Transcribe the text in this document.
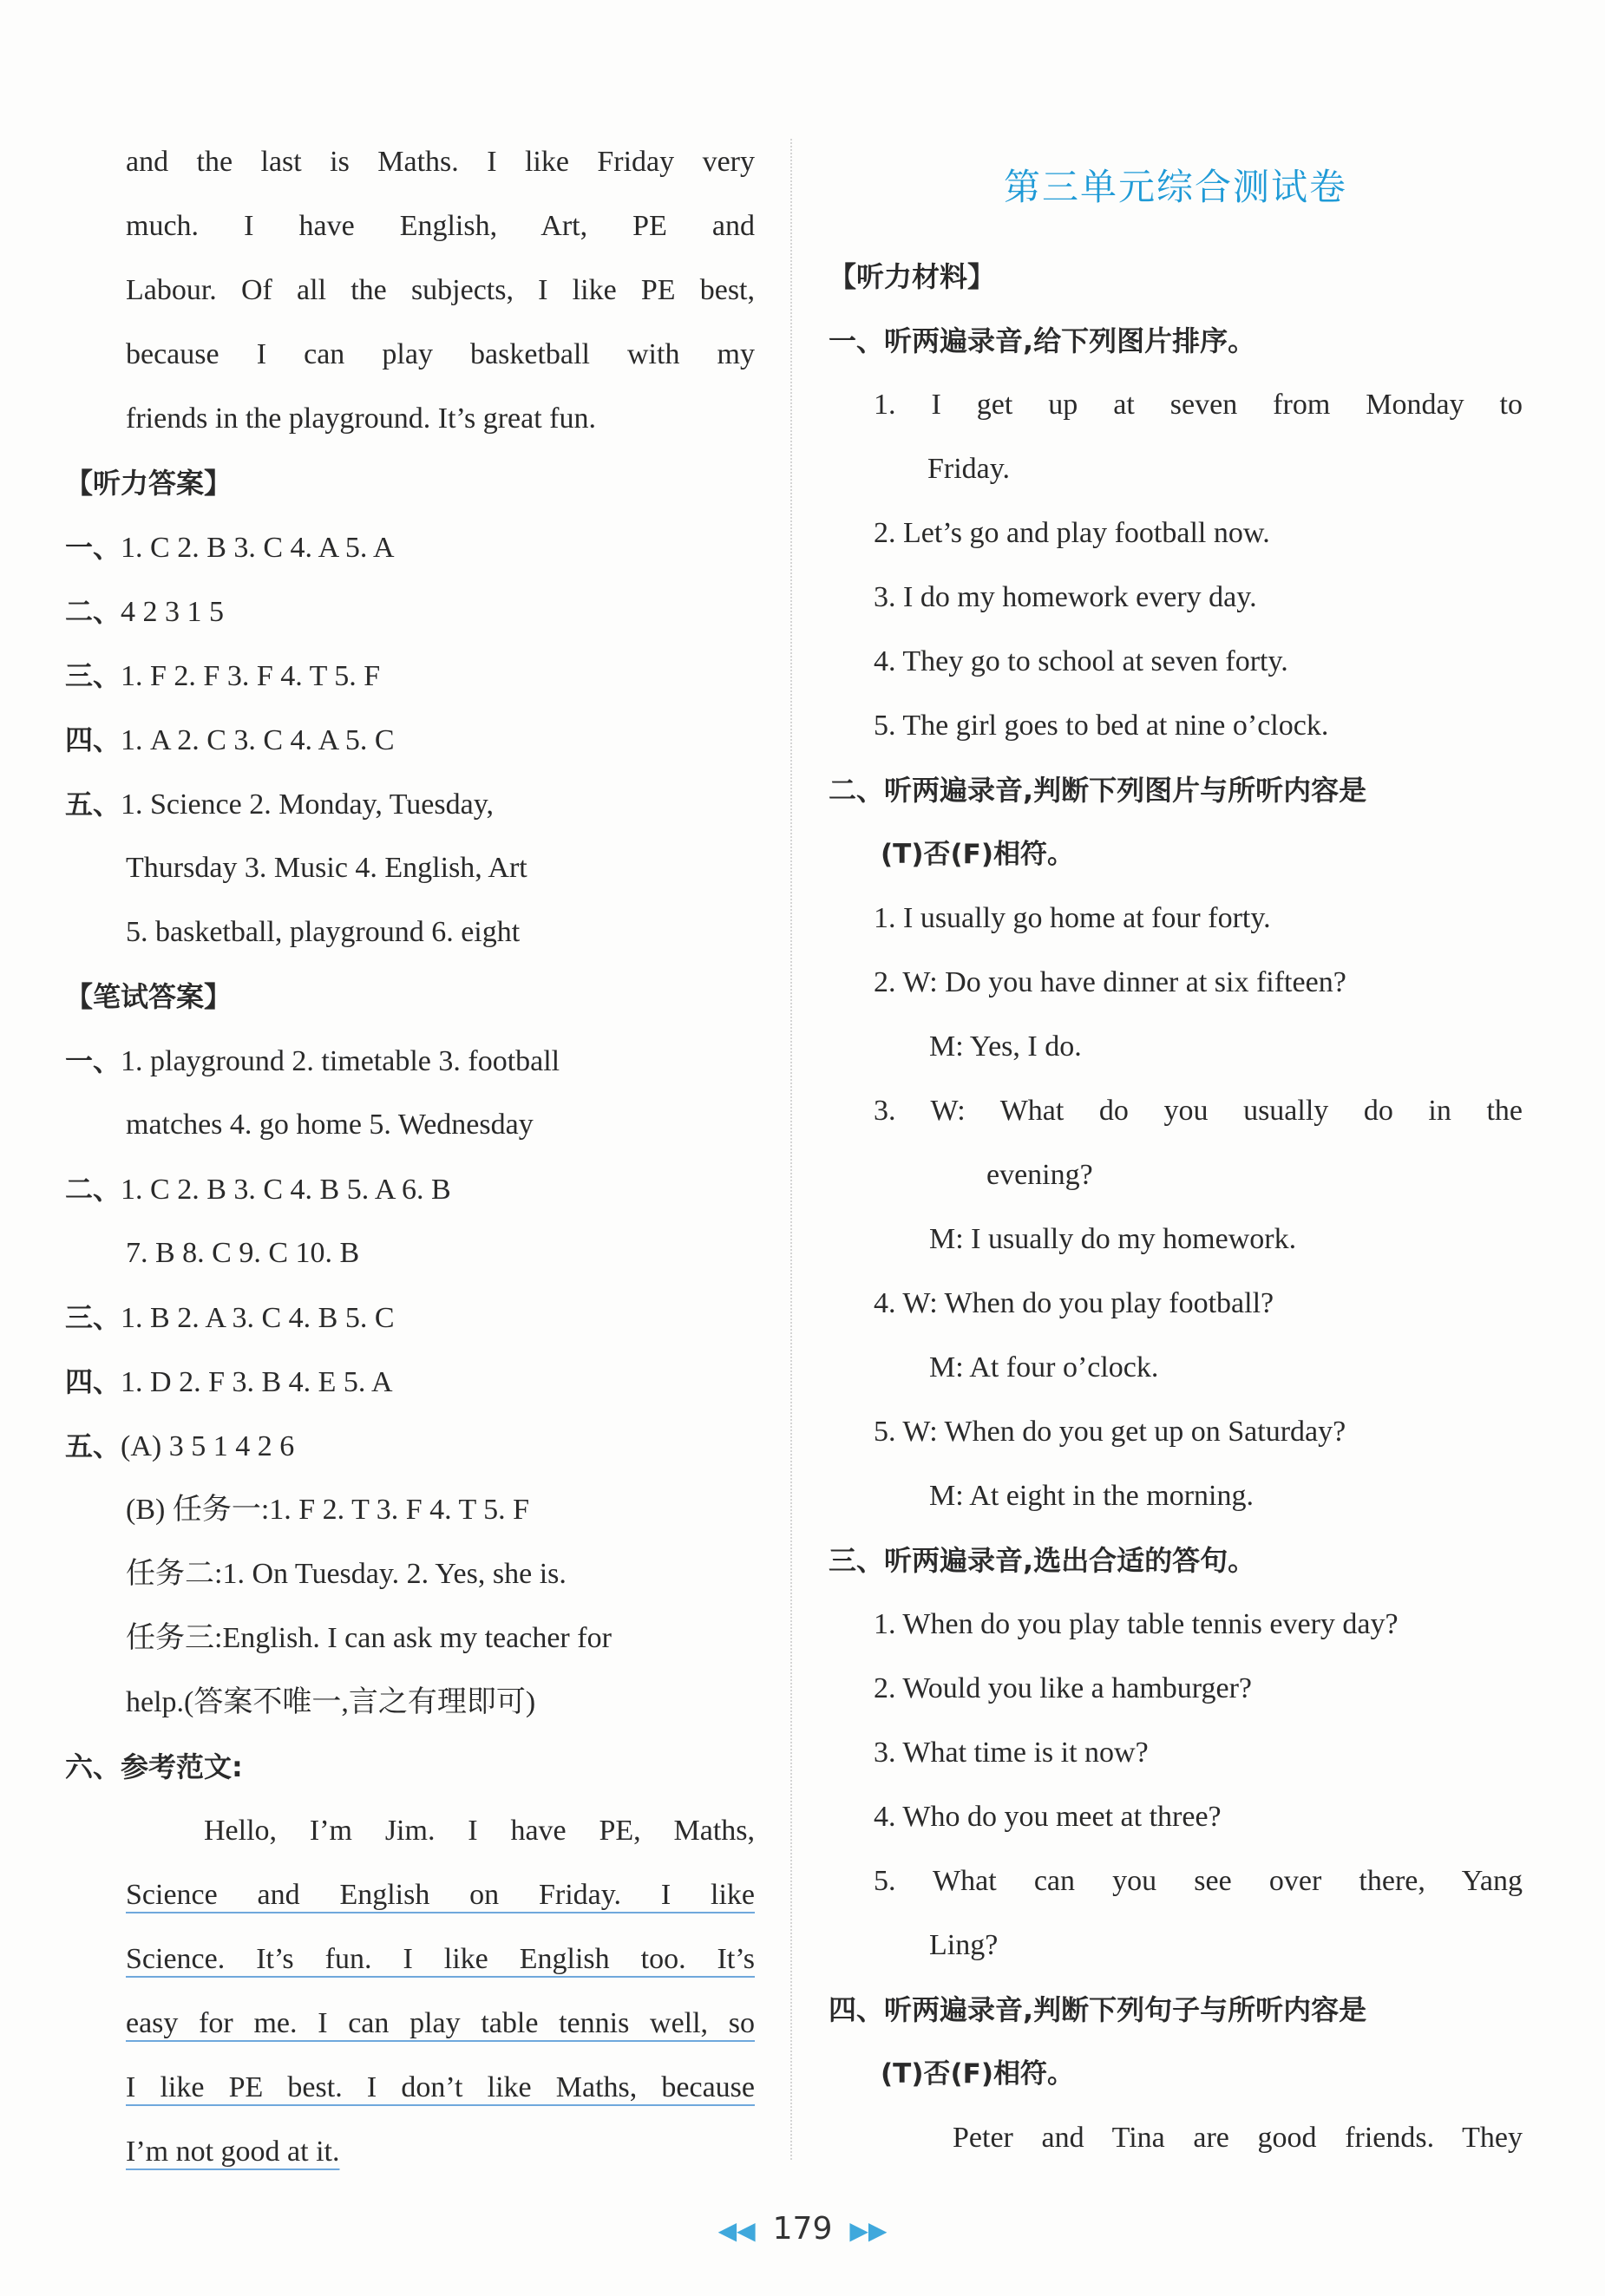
and the last is Maths. I like Friday very
much. I have English, Art, PE and
Labour. Of all the subjects, I like PE best,
because I can play basketball with my
friends in the playground. It’s great fun.
【听力答案】
一、1. C 2. B 3. C 4. A 5. A
二、4 2 3 1 5
三、1. F 2. F 3. F 4. T 5. F
四、1. A 2. C 3. C 4. A 5. C
五、1. Science 2. Monday, Tuesday,
Thursday 3. Music 4. English, Art
5. basketball, playground 6. eight
【笔试答案】
一、1. playground 2. timetable 3. football
matches 4. go home 5. Wednesday
二、1. C 2. B 3. C 4. B 5. A 6. B
7. B 8. C 9. C 10. B
三、1. B 2. A 3. C 4. B 5. C
四、1. D 2. F 3. B 4. E 5. A
五、(A) 3 5 1 4 2 6
(B) 任务一:1. F 2. T 3. F 4. T 5. F
任务二:1. On Tuesday. 2. Yes, she is.
任务三:English. I can ask my teacher for
help.(答案不唯一,言之有理即可)
六、参考范文:
Hello, I’m Jim. I have PE, Maths,
Science and English on Friday. I like
Science. It’s fun. I like English too. It’s
easy for me. I can play table tennis well, so
I like PE best. I don’t like Maths, because
I’m not good at it.
第三单元综合测试卷
【听力材料】
一、听两遍录音,给下列图片排序。
1. I get up at seven from Monday to
Friday.
2. Let’s go and play football now.
3. I do my homework every day.
4. They go to school at seven forty.
5. The girl goes to bed at nine o’clock.
二、听两遍录音,判断下列图片与所听内容是
(T)否(F)相符。
1. I usually go home at four forty.
2. W: Do you have dinner at six fifteen?
M: Yes, I do.
3. W: What do you usually do in the
evening?
M: I usually do my homework.
4. W: When do you play football?
M: At four o’clock.
5. W: When do you get up on Saturday?
M: At eight in the morning.
三、听两遍录音,选出合适的答句。
1. When do you play table tennis every day?
2. Would you like a hamburger?
3. What time is it now?
4. Who do you meet at three?
5. What can you see over there, Yang
Ling?
四、听两遍录音,判断下列句子与所听内容是
(T)否(F)相符。
Peter and Tina are good friends. They
◀◀ 179 ▶▶
